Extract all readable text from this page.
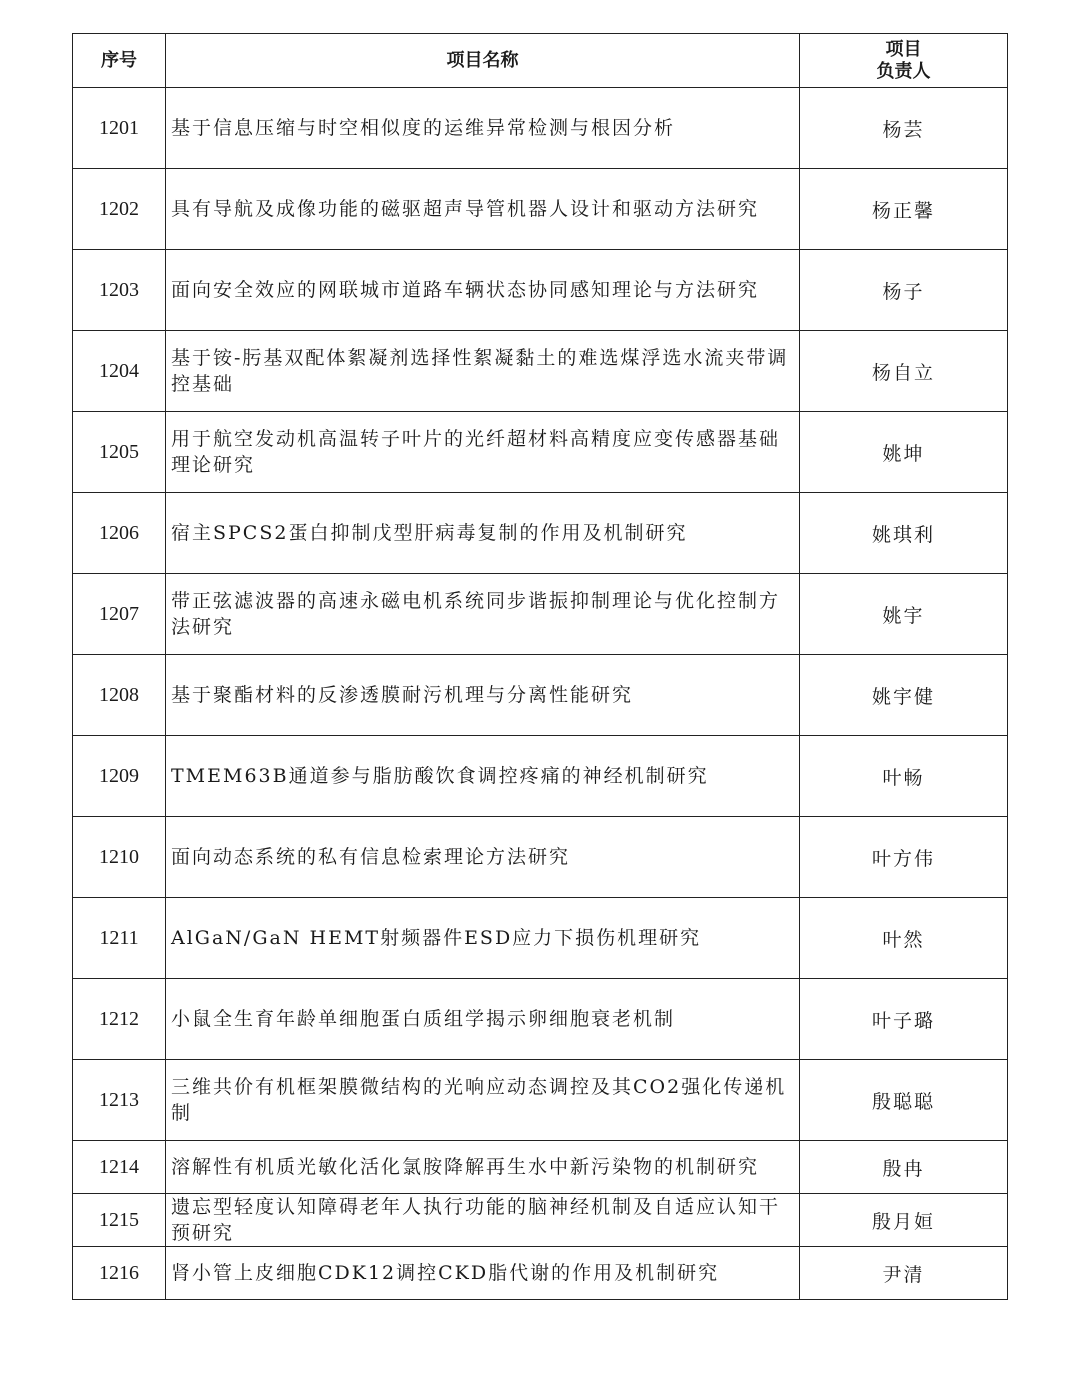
序号	项目名称	项目
负责人
1201	基于信息压缩与时空相似度的运维异常检测与根因分析	杨芸
1202	具有导航及成像功能的磁驱超声导管机器人设计和驱动方法研究	杨正馨
1203	面向安全效应的网联城市道路车辆状态协同感知理论与方法研究	杨子
1204	基于铵-肟基双配体絮凝剂选择性絮凝黏土的难选煤浮选水流夹带调控基础	杨自立
1205	用于航空发动机高温转子叶片的光纤超材料高精度应变传感器基础理论研究	姚坤
1206	宿主SPCS2蛋白抑制戊型肝病毒复制的作用及机制研究	姚琪利
1207	带正弦滤波器的高速永磁电机系统同步谐振抑制理论与优化控制方法研究	姚宇
1208	基于聚酯材料的反渗透膜耐污机理与分离性能研究	姚宇健
1209	TMEM63B通道参与脂肪酸饮食调控疼痛的神经机制研究	叶畅
1210	面向动态系统的私有信息检索理论方法研究	叶方伟
1211	AlGaN/GaN HEMT射频器件ESD应力下损伤机理研究	叶然
1212	小鼠全生育年龄单细胞蛋白质组学揭示卵细胞衰老机制	叶子璐
1213	三维共价有机框架膜微结构的光响应动态调控及其CO2强化传递机制	殷聪聪
1214	溶解性有机质光敏化活化氯胺降解再生水中新污染物的机制研究	殷冉
1215	遗忘型轻度认知障碍老年人执行功能的脑神经机制及自适应认知干预研究	殷月姮
1216	肾小管上皮细胞CDK12调控CKD脂代谢的作用及机制研究	尹清
